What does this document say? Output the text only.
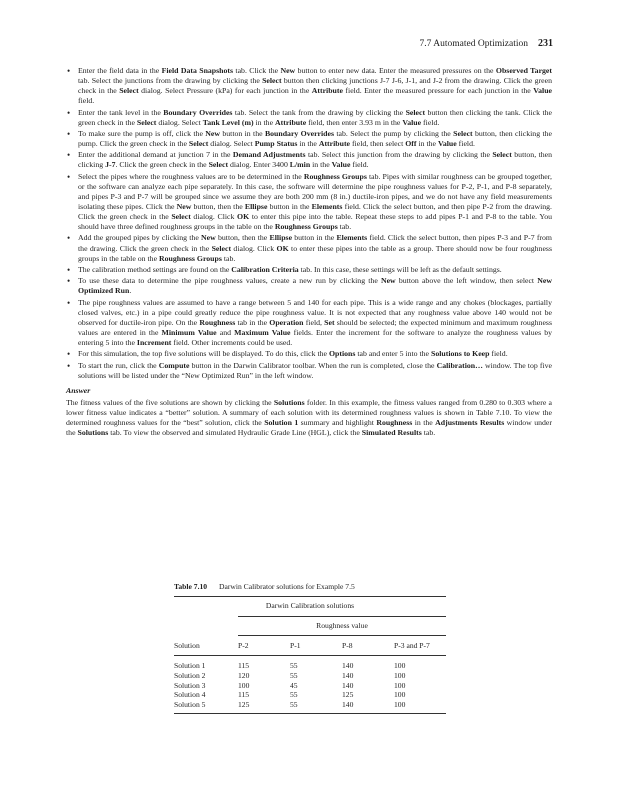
7.7 Automated Optimization 231
• Enter the field data in the Field Data Snapshots tab. Click the New button to enter new data. Enter the measured pressures on the Observed Target tab. Select the junctions from the drawing by clicking the Select button then clicking junctions J-7 J-6, J-1, and J-2 from the drawing. Click the green check in the Select dialog. Select Pressure (kPa) for each junction in the Attribute field. Enter the measured pressure for each junction in the Value field.
• Enter the tank level in the Boundary Overrides tab. Select the tank from the drawing by clicking the Select button then clicking the tank. Click the green check in the Select dialog. Select Tank Level (m) in the Attribute field, then enter 3.93 m in the Value field.
• To make sure the pump is off, click the New button in the Boundary Overrides tab. Select the pump by clicking the Select button, then clicking the pump. Click the green check in the Select dialog. Select Pump Status in the Attribute field, then select Off in the Value field.
• Enter the additional demand at junction 7 in the Demand Adjustments tab. Select this junction from the drawing by clicking the Select button, then clicking J-7. Click the green check in the Select dialog. Enter 3400 L/min in the Value field.
• Select the pipes where the roughness values are to be determined in the Roughness Groups tab. Pipes with similar roughness can be grouped together, or the software can analyze each pipe separately. In this case, the software will determine the pipe roughness values for P-2, P-1, and P-8 separately, and pipes P-3 and P-7 will be grouped since we assume they are both 200 mm (8 in.) ductile-iron pipes, and we do not have any field measurements isolating these pipes. Click the New button, then the Ellipse button in the Elements field. Click the select button, and then pipe P-2 from the drawing. Click the green check in the Select dialog. Click OK to enter this pipe into the table. Repeat these steps to add pipes P-1 and P-8 to the table. You should have three defined roughness groups in the table on the Roughness Groups tab.
• Add the grouped pipes by clicking the New button, then the Ellipse button in the Elements field. Click the select button, then pipes P-3 and P-7 from the drawing. Click the green check in the Select dialog. Click OK to enter these pipes into the table as a group. There should now be four roughness groups in the table on the Roughness Groups tab.
• The calibration method settings are found on the Calibration Criteria tab. In this case, these settings will be left as the default settings.
• To use these data to determine the pipe roughness values, create a new run by clicking the New button above the left window, then select New Optimized Run.
• The pipe roughness values are assumed to have a range between 5 and 140 for each pipe. This is a wide range and any chokes (blockages, partially closed valves, etc.) in a pipe could greatly reduce the pipe roughness value. It is not expected that any roughness value above 140 would not be observed for ductile-iron pipe. On the Roughness tab in the Operation field, Set should be selected; the expected minimum and maximum roughness values are entered in the Minimum Value and Maximum Value fields. Enter the increment for the software to analyze the roughness values by entering 5 into the Increment field. Other increments could be used.
• For this simulation, the top five solutions will be displayed. To do this, click the Options tab and enter 5 into the Solutions to Keep field.
• To start the run, click the Compute button in the Darwin Calibrator toolbar. When the run is completed, close the Calibration… window. The top five solutions will be listed under the “New Optimized Run” in the left window.
Answer

The fitness values of the five solutions are shown by clicking the Solutions folder. In this example, the fitness values ranged from 0.280 to 0.303 where a lower fitness value indicates a “better” solution. A summary of each solution with its determined roughness values is shown in Table 7.10. To view the determined roughness values for the “best” solution, click the Solution 1 summary and highlight Roughness in the Adjustments Results window under the Solutions tab. To view the observed and simulated Hydraulic Grade Line (HGL), click the Simulated Results tab.

Table 7.10 Darwin Calibrator solutions for Example 7.5
Darwin Calibration solutions
Roughness value
Solution	P-2	P-1	P-8	P-3 and P-7
Solution 1	115	55	140	100
Solution 2	120	55	140	100
Solution 3	100	45	140	100
Solution 4	115	55	125	100
Solution 5	125	55	140	100
